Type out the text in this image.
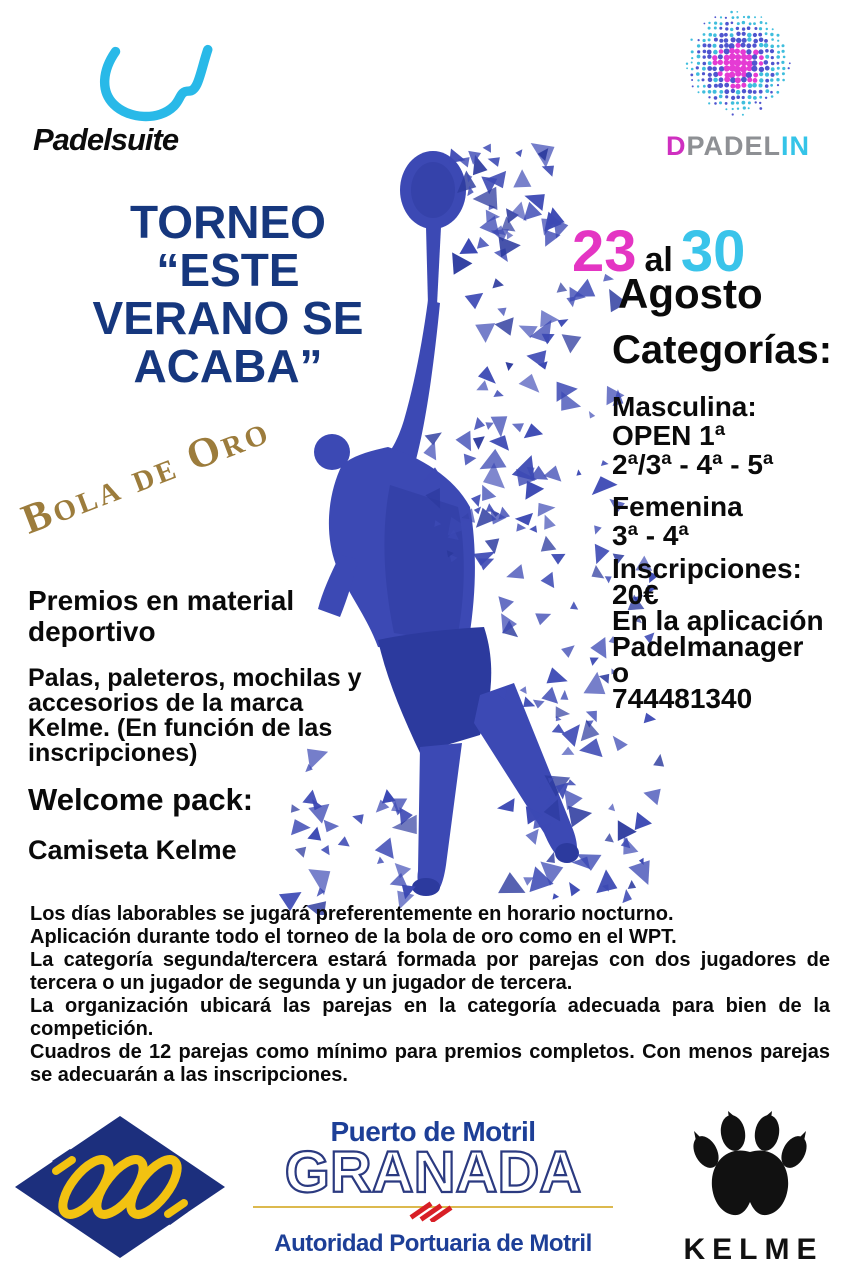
Padelsuite	DPADELIN
TORNEO
“ESTE
VERANO SE
ACABA”
Bola de Oro
23 al 30
Agosto
Categorías:
Masculina:
OPEN 1ª
2ª/3ª - 4ª - 5ª
Femenina
3ª - 4ª
Inscripciones:
20€
En la aplicación
Padelmanager
o
744481340
Premios en material
deportivo
Palas, paleteros, mochilas y
accesorios de la marca
Kelme. (En función de las
inscripciones)
Welcome pack:
Camiseta Kelme
Los días laborables se jugará preferentemente en horario nocturno.
Aplicación durante todo el torneo de la bola de oro como en el WPT.
La categoría segunda/tercera estará formada por parejas con dos jugadores de tercera o un jugador de segunda y un jugador de tercera.
La organización ubicará las parejas en la categoría adecuada para bien de la competición.
Cuadros de 12 parejas como mínimo para premios completos. Con menos parejas se adecuarán a las inscripciones.
Puerto de Motril
GRANADA
Autoridad Portuaria de Motril	KELME
